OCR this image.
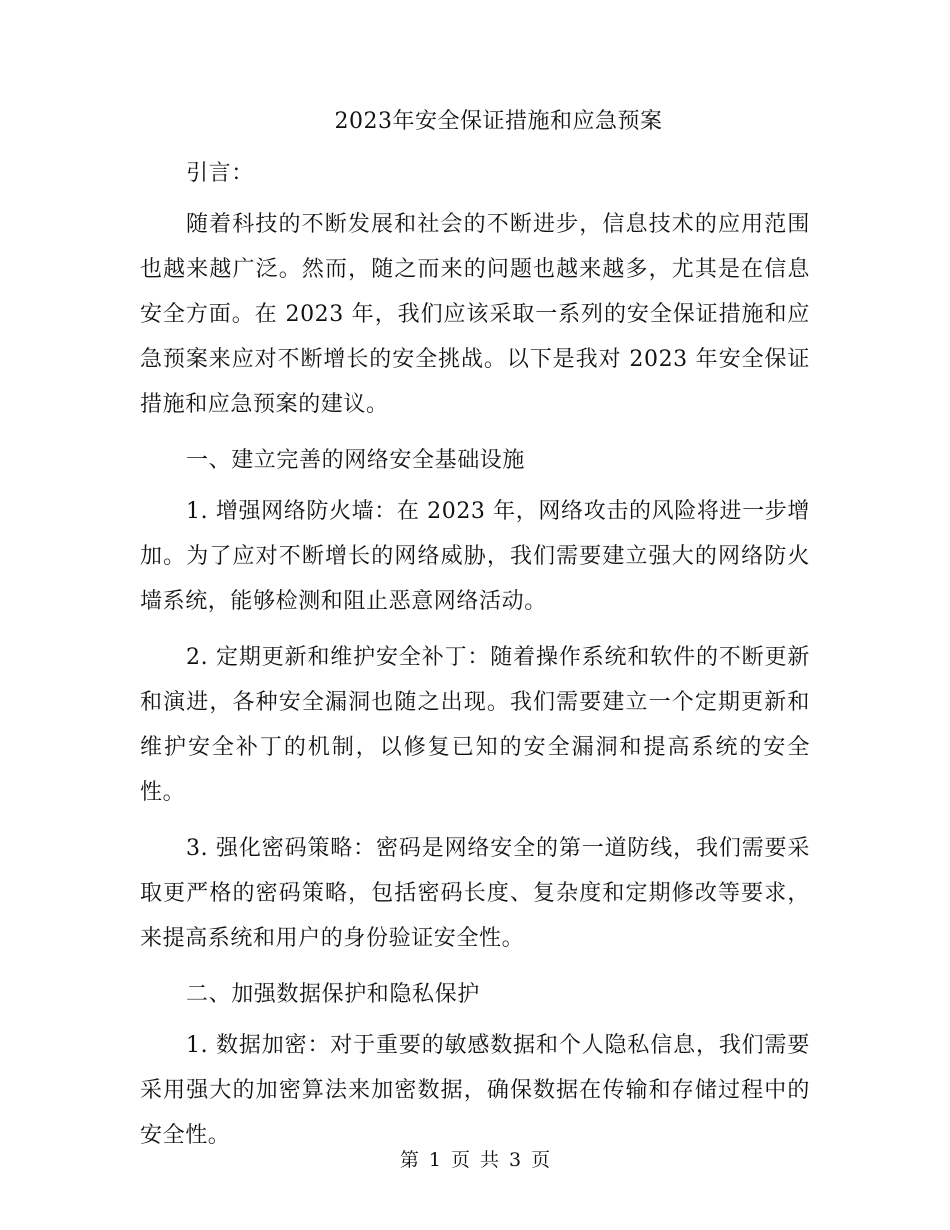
2023年安全保证措施和应急预案

引言：

随着科技的不断发展和社会的不断进步，信息技术的应用范围也越来越广泛。然而，随之而来的问题也越来越多，尤其是在信息安全方面。在 2023 年，我们应该采取一系列的安全保证措施和应急预案来应对不断增长的安全挑战。以下是我对 2023 年安全保证措施和应急预案的建议。

一、建立完善的网络安全基础设施

1. 增强网络防火墙：在 2023 年，网络攻击的风险将进一步增加。为了应对不断增长的网络威胁，我们需要建立强大的网络防火墙系统，能够检测和阻止恶意网络活动。

2. 定期更新和维护安全补丁：随着操作系统和软件的不断更新和演进，各种安全漏洞也随之出现。我们需要建立一个定期更新和维护安全补丁的机制，以修复已知的安全漏洞和提高系统的安全性。

3. 强化密码策略：密码是网络安全的第一道防线，我们需要采取更严格的密码策略，包括密码长度、复杂度和定期修改等要求，来提高系统和用户的身份验证安全性。

二、加强数据保护和隐私保护

1. 数据加密：对于重要的敏感数据和个人隐私信息，我们需要采用强大的加密算法来加密数据，确保数据在传输和存储过程中的安全性。

第 1 页 共 3 页
